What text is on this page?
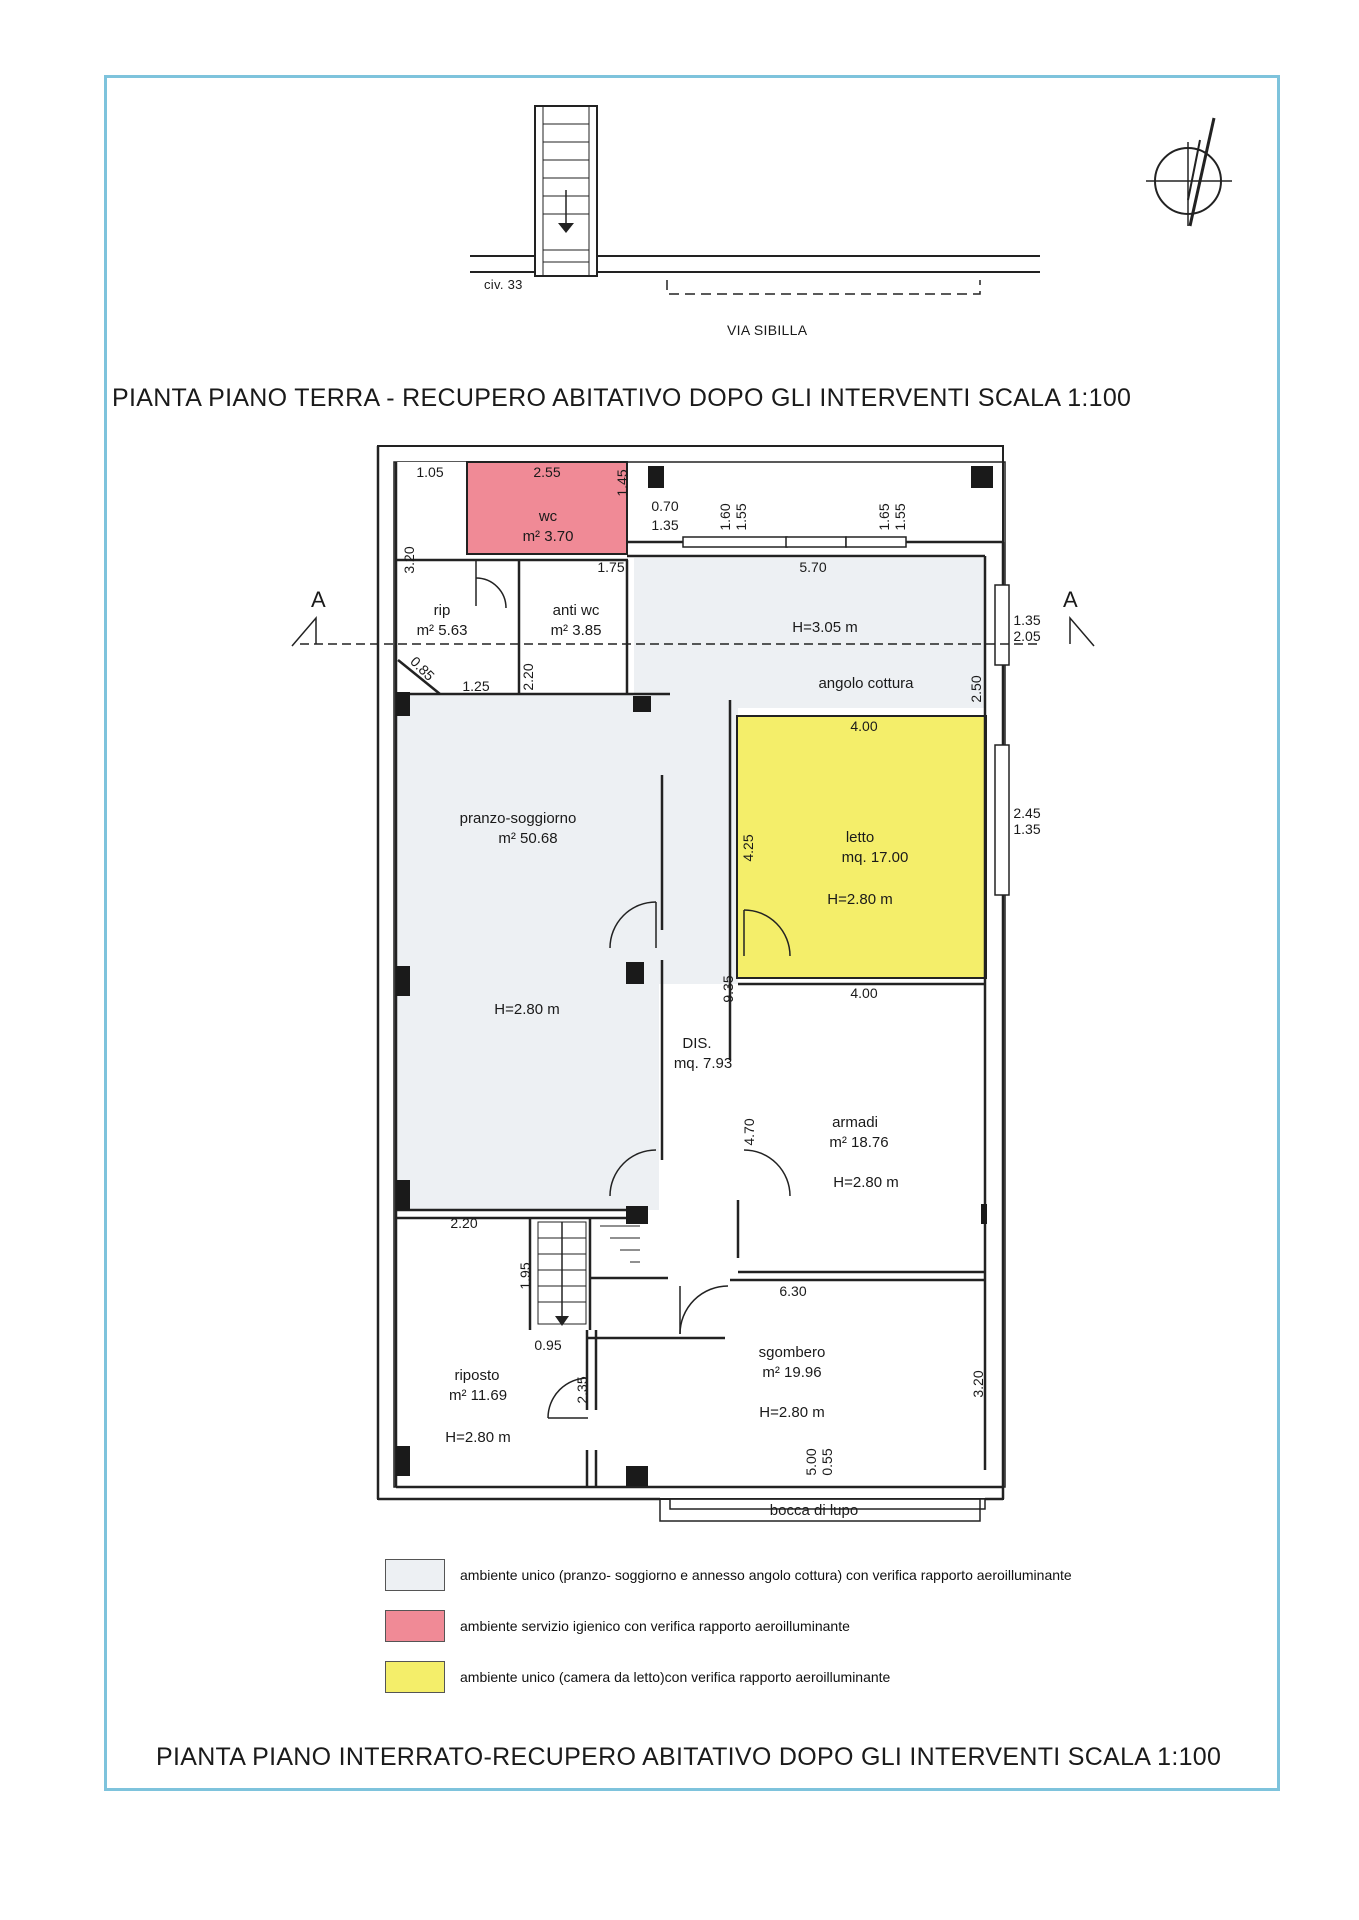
civ. 33
VIA SIBILLA
PIANTA PIANO TERRA - RECUPERO ABITATIVO DOPO GLI INTERVENTI SCALA 1:100
A	A
wc
m² 3.70
rip
m² 5.63
anti wc
m² 3.85	H=3.05 m
angolo cottura
pranzo-soggiorno
m² 50.68
H=2.80 m
letto
mq. 17.00
H=2.80 m
DIS.
mq. 7.93
armadi
m² 18.76
H=2.80 m
riposto
m² 11.69
H=2.80 m
sgombero
m² 19.96
H=2.80 m
bocca di lupo
1.05	2.55
0.70
1.35
1.75	5.70
1.35
2.05
1.25
4.00
2.45
1.35
4.00
2.20
6.30
0.95
1.45
1.60 1.55	1.65 1.55
3.20
0.85	2.20	2.50
4.25
9.35
4.70
1.95
2.35	3.20
5.00 0.55
ambiente unico (pranzo- soggiorno e annesso angolo cottura) con verifica rapporto aeroilluminante
ambiente servizio igienico con verifica rapporto aeroilluminante
ambiente unico (camera da letto)con verifica rapporto aeroilluminante
PIANTA PIANO INTERRATO-RECUPERO ABITATIVO DOPO GLI INTERVENTI SCALA 1:100
